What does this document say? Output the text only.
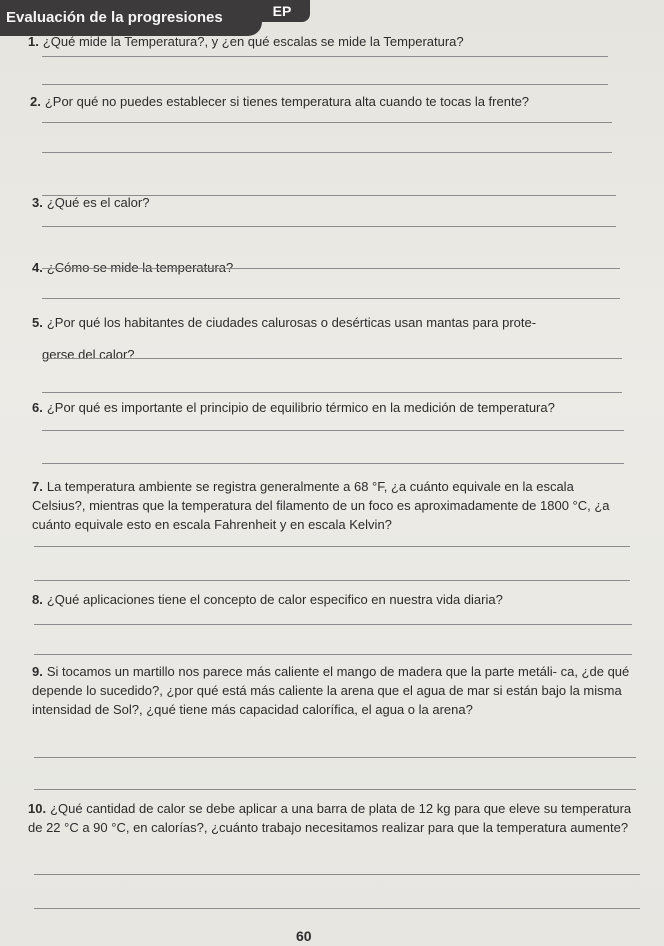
Evaluación de la progresiones	EP
1. ¿Qué mide la Temperatura?, y ¿en qué escalas se mide la Temperatura?
2. ¿Por qué no puedes establecer si tienes temperatura alta cuando te tocas la frente?
3. ¿Qué es el calor?
4. ¿Cómo se mide la temperatura?
5. ¿Por qué los habitantes de ciudades calurosas o desérticas usan mantas para prote-
gerse del calor?
6. ¿Por qué es importante el principio de equilibrio térmico en la medición de temperatura?
7. La temperatura ambiente se registra generalmente a 68 °F, ¿a cuánto equivale en la escala Celsius?, mientras que la temperatura del filamento de un foco es aproximadamente de 1800 °C, ¿a cuánto equivale esto en escala Fahrenheit y en escala Kelvin?
8. ¿Qué aplicaciones tiene el concepto de calor especifico en nuestra vida diaria?
9. Si tocamos un martillo nos parece más caliente el mango de madera que la parte metáli- ca, ¿de qué depende lo sucedido?, ¿por qué está más caliente la arena que el agua de mar si están bajo la misma intensidad de Sol?, ¿qué tiene más capacidad calorífica, el agua o la arena?
10. ¿Qué cantidad de calor se debe aplicar a una barra de plata de 12 kg para que eleve su temperatura de 22 °C a 90 °C, en calorías?, ¿cuánto trabajo necesitamos realizar para que la temperatura aumente?
60
